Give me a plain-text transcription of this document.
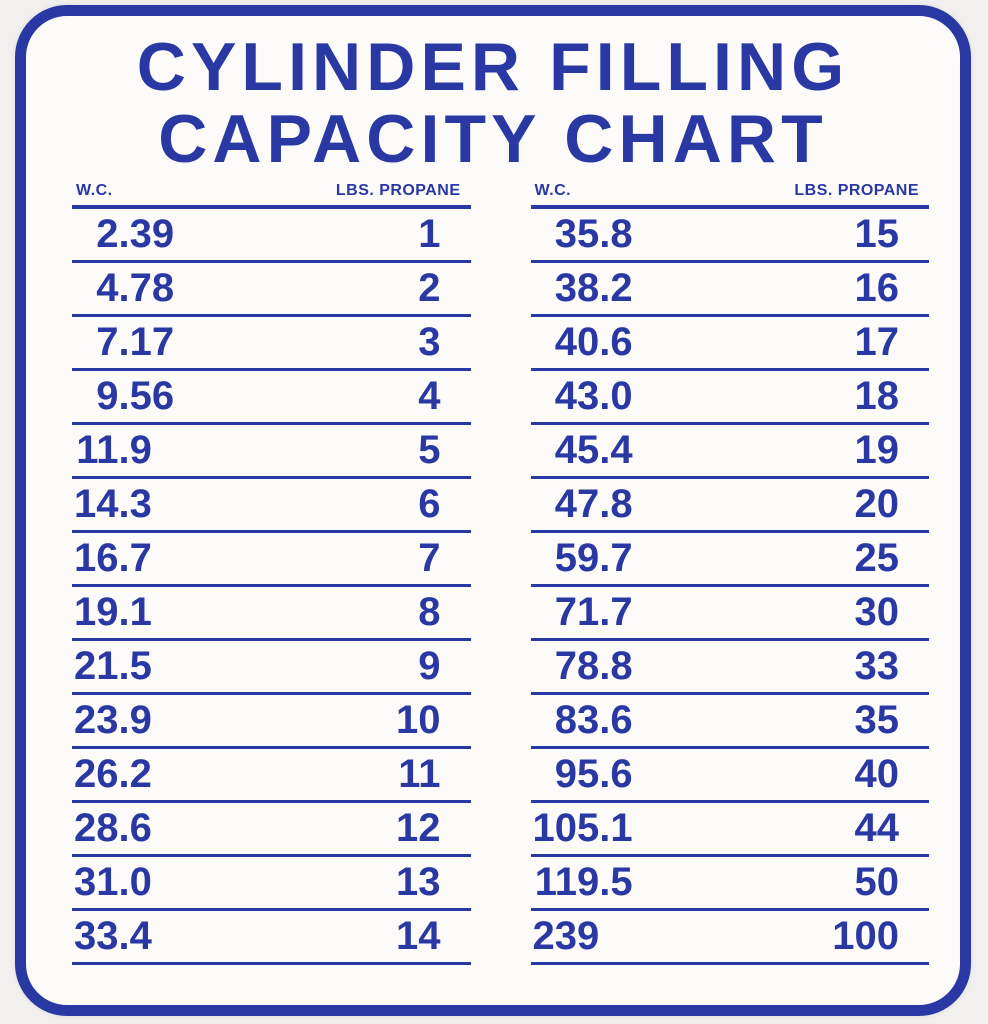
CYLINDER FILLING
CAPACITY CHART
W.C.	LBS. PROPANE
2.39	1
4.78	2
7.17	3
9.56	4
11.9	5
14.3	6
16.7	7
19.1	8
21.5	9
23.9	10
26.2	11
28.6	12
31.0	13
33.4	14
W.C.	LBS. PROPANE
35.8	15
38.2	16
40.6	17
43.0	18
45.4	19
47.8	20
59.7	25
71.7	30
78.8	33
83.6	35
95.6	40
105.1	44
119.5	50
239	100
